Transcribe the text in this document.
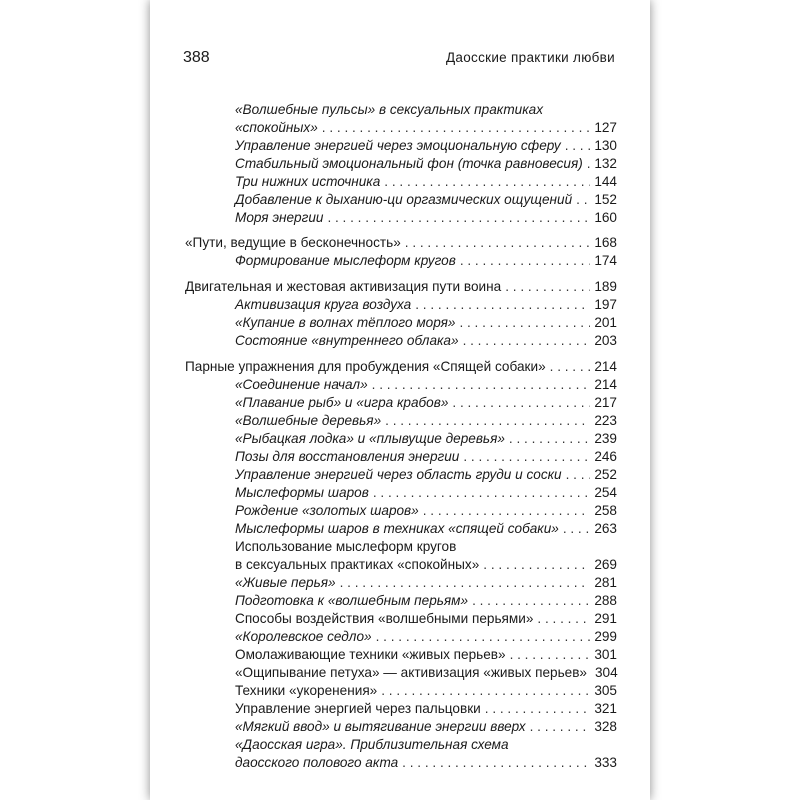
388	Даосские практики любви
«Волшебные пульсы» в сексуальных практиках
«спокойных» . . .	127
Управление энергией через эмоциональную сферу . . . 130
Стабильный эмоциональный фон (точка равновесия) . . . 132
Три нижних источника . . .	144
Добавление к дыханию-ци оргазмических ощущений . . . 152
Моря энергии . . .	160
«Пути, ведущие в бесконечность» . . .	168
Формирование мыслеформ кругов . . .	174
Двигательная и жестовая активизация пути воина . . .	189
Активизация круга воздуха . . .	197
«Купание в волнах тёплого моря» . . .	201
Состояние «внутреннего облака» . . .	203
Парные упражнения для пробуждения «Спящей собаки» . . .	214
«Соединение начал» . . .	214
«Плавание рыб» и «игра крабов» . . .	217
«Волшебные деревья» . . .	223
«Рыбацкая лодка» и «плывущие деревья» . . .	239
Позы для восстановления энергии . . .	246
Управление энергией через область груди и соски . . . 252
Мыслеформы шаров . . .	254
Рождение «золотых шаров» . . .	258
Мыслеформы шаров в техниках «спящей собаки» . . .	263
Использование мыслеформ кругов
в сексуальных практиках «спокойных» . . .	269
«Живые перья» . . .	281
Подготовка к «волшебным перьям» . . .	288
Способы воздействия «волшебными перьями» . . .	291
«Королевское седло» . . .	299
Омолаживающие техники «живых перьев» . . .	301
«Ощипывание петуха» — активизация «живых перьев» 304
Техники «укоренения» . . .	305
Управление энергией через пальцовки . . .	321
«Мягкий ввод» и вытягивание энергии вверх . . .	328
«Даосская игра». Приблизительная схема
даосского полового акта . . .	333
